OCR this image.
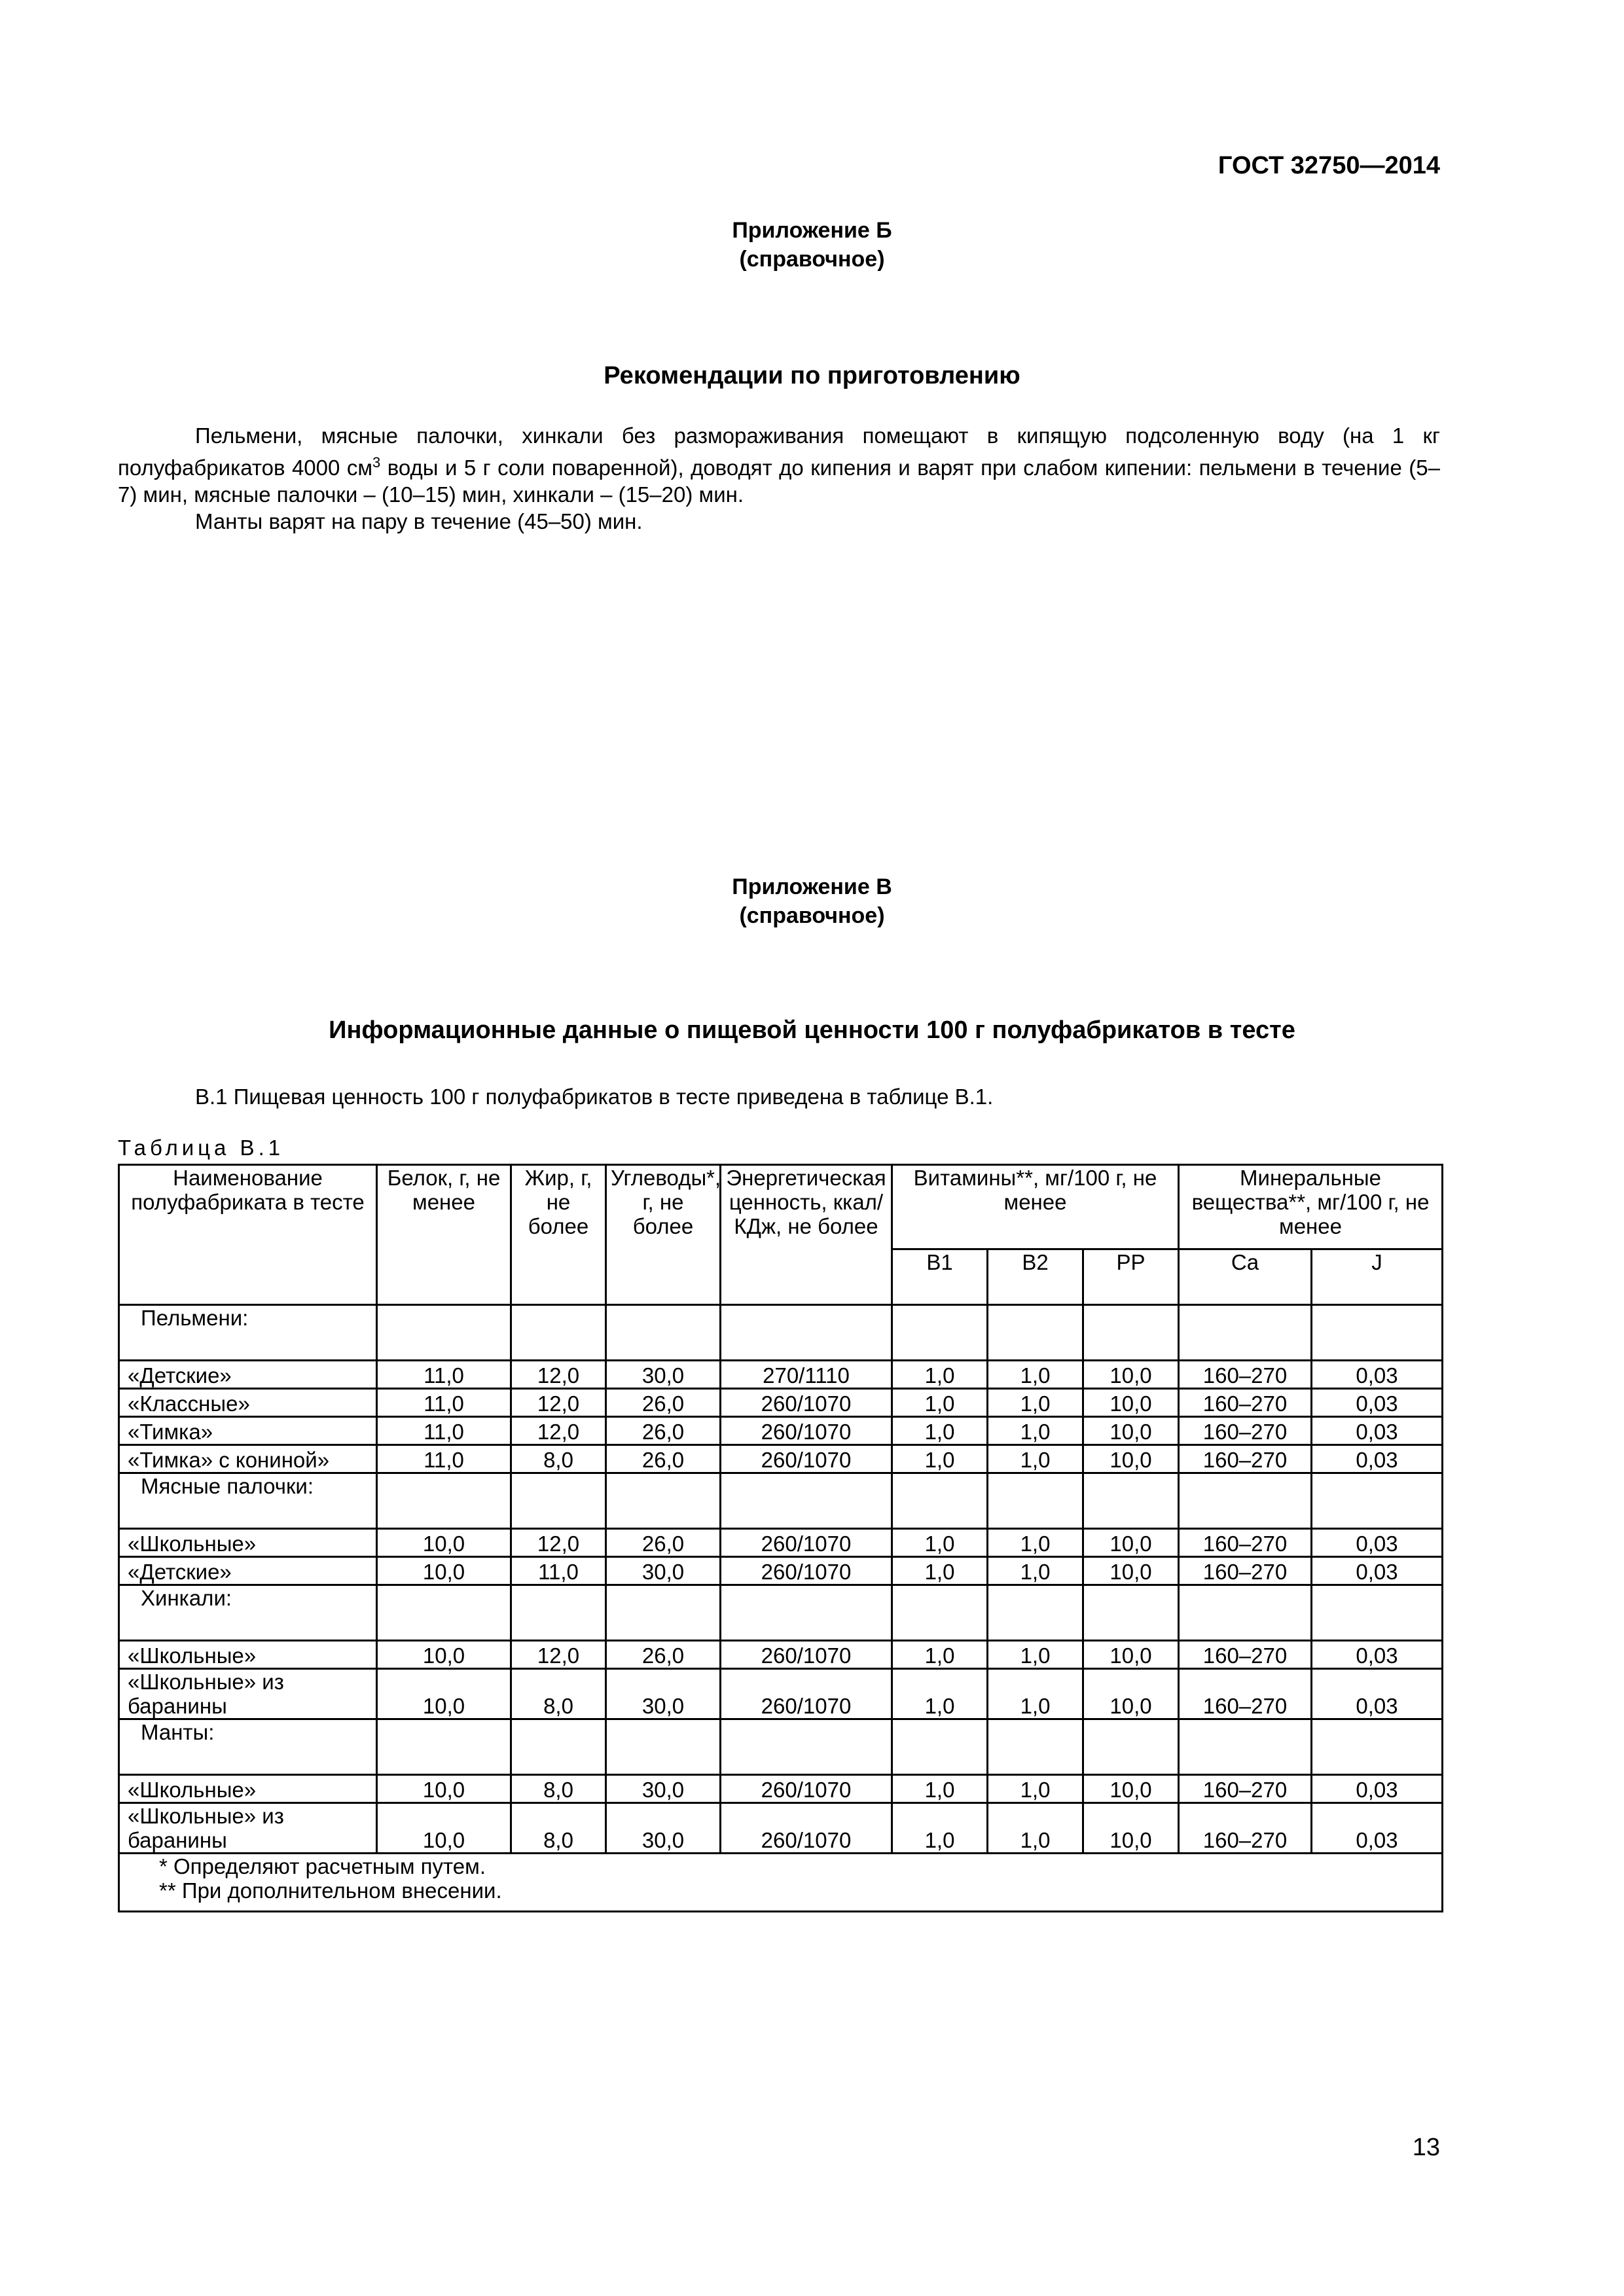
ГОСТ 32750—2014
Приложение Б
(справочное)
Рекомендации по приготовлению

Пельмени, мясные палочки, хинкали без размораживания помещают в кипящую подсоленную воду (на 1 кг полуфабрикатов 4000 $см^3$ воды и 5 г соли поваренной), доводят до кипения и варят при слабом кипении: пельмени в течение (5–7) мин, мясные палочки – (10–15) мин, хинкали – (15–20) мин.

Манты варят на пару в течение (45–50) мин.

Приложение В
(справочное)
Информационные данные о пищевой ценности 100 г полуфабрикатов в тесте

В.1 Пищевая ценность 100 г полуфабрикатов в тесте приведена в таблице В.1.

Таблица В.1
Наименование полуфабриката в тесте	Белок, г, не менее	Жир, г, не более	Углеводы*, г, не более	Энергетическая ценность, ккал/КДж, не более	Витамины**, мг/100 г, не менее			Минеральные вещества**, мг/100 г, не менее	
					B1	B2	PP	Ca	J
Пельмени:									
«Детские»	11,0	12,0	30,0	270/1110	1,0	1,0	10,0	160–270	0,03
«Классные»	11,0	12,0	26,0	260/1070	1,0	1,0	10,0	160–270	0,03
«Тимка»	11,0	12,0	26,0	260/1070	1,0	1,0	10,0	160–270	0,03
«Тимка» с кониной»	11,0	8,0	26,0	260/1070	1,0	1,0	10,0	160–270	0,03
Мясные палочки:									
«Школьные»	10,0	12,0	26,0	260/1070	1,0	1,0	10,0	160–270	0,03
«Детские»	10,0	11,0	30,0	260/1070	1,0	1,0	10,0	160–270	0,03
Хинкали:									
«Школьные»	10,0	12,0	26,0	260/1070	1,0	1,0	10,0	160–270	0,03
«Школьные» из баранины	10,0	8,0	30,0	260/1070	1,0	1,0	10,0	160–270	0,03
Манты:									
«Школьные»	10,0	8,0	30,0	260/1070	1,0	1,0	10,0	160–270	0,03
«Школьные» из баранины	10,0	8,0	30,0	260/1070	1,0	1,0	10,0	160–270	0,03

* Определяют расчетным путем.
** При дополнительном внесении.									
13
